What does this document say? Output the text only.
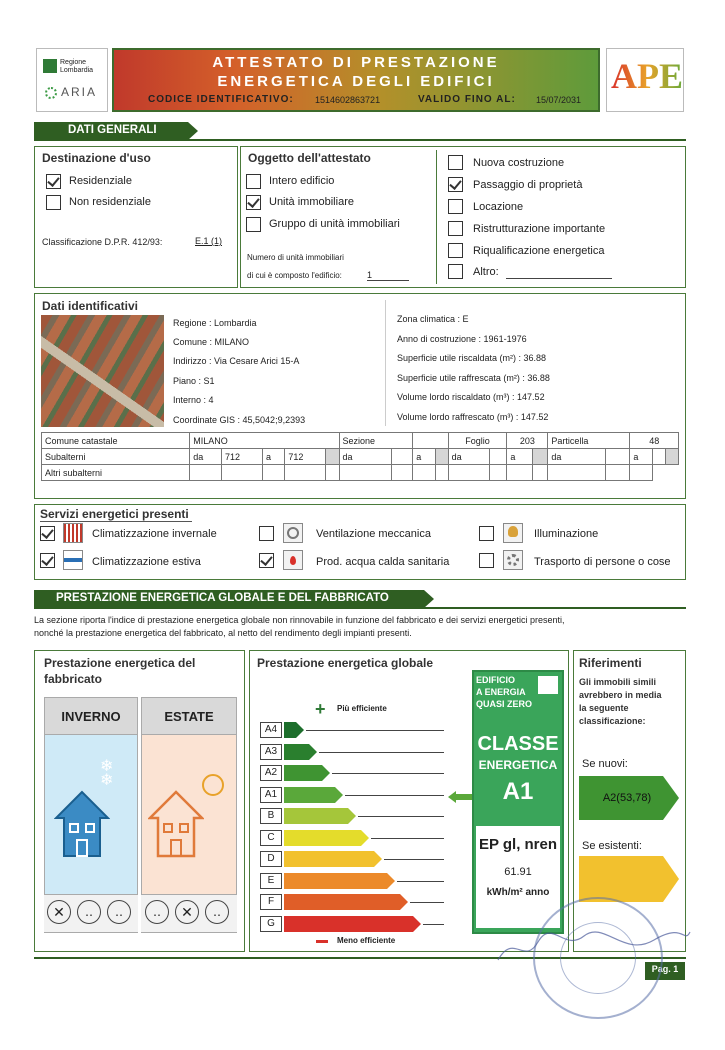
Regione Lombardia
ARIA
ATTESTATO DI PRESTAZIONE
ENERGETICA DEGLI EDIFICI
CODICE IDENTIFICATIVO: 1514602863721	VALIDO FINO AL: 15/07/2031
APE
DATI GENERALI
Destinazione d'uso
Residenziale
Non residenziale
Classificazione D.P.R. 412/93:	E.1 (1)
Oggetto dell'attestato
Intero edificio
Unità immobiliare
Gruppo di unità immobiliari
Numero di unità immobiliari
di cui è composto l'edificio:	1
Nuova costruzione
Passaggio di proprietà
Locazione
Ristrutturazione importante
Riqualificazione energetica
Altro:
Dati identificativi
Regione : Lombardia
Comune : MILANO
Indirizzo : Via Cesare Arici 15-A
Piano : S1
Interno : 4
Coordinate GIS : 45,5042;9,2393
Zona climatica : E
Anno di costruzione : 1961-1976
Superficie utile riscaldata (m²) : 36.88
Superficie utile raffrescata (m²) : 36.88
Volume lordo riscaldato (m³) : 147.52
Volume lordo raffrescato (m³) : 147.52
Comune catastale	MILANO					Sezione				Foglio		203		Particella		48		
Subalterni	da	712	a	712		da		a		da		a		da		a		
Altri subalterni																		
Servizi energetici presenti
Climatizzazione invernale
Climatizzazione estiva
Ventilazione meccanica
Prod. acqua calda sanitaria
Illuminazione
Trasporto di persone o cose
PRESTAZIONE ENERGETICA GLOBALE E DEL FABBRICATO
La sezione riporta l'indice di prestazione energetica globale non rinnovabile in funzione del fabbricato e dei servizi energetici presenti,
nonché la prestazione energetica del fabbricato, al netto del rendimento degli impianti presenti.
Prestazione energetica del
fabbricato
INVERNO
❄
❄
✕	‥	‥
ESTATE
‥	✕	‥
Prestazione energetica globale
+ Più efficiente
A4
A3
A2
A1
B
C
D
E
F
G
Meno efficiente
EDIFICIO
A ENERGIA
QUASI ZERO
CLASSE
ENERGETICA
A1
EP gl, nren
61.91
kWh/m² anno
Riferimenti
Gli immobili simili
avrebbero in media
la seguente
classificazione:
Se nuovi:
A2(53,78)
Se esistenti:
Pag. 1
